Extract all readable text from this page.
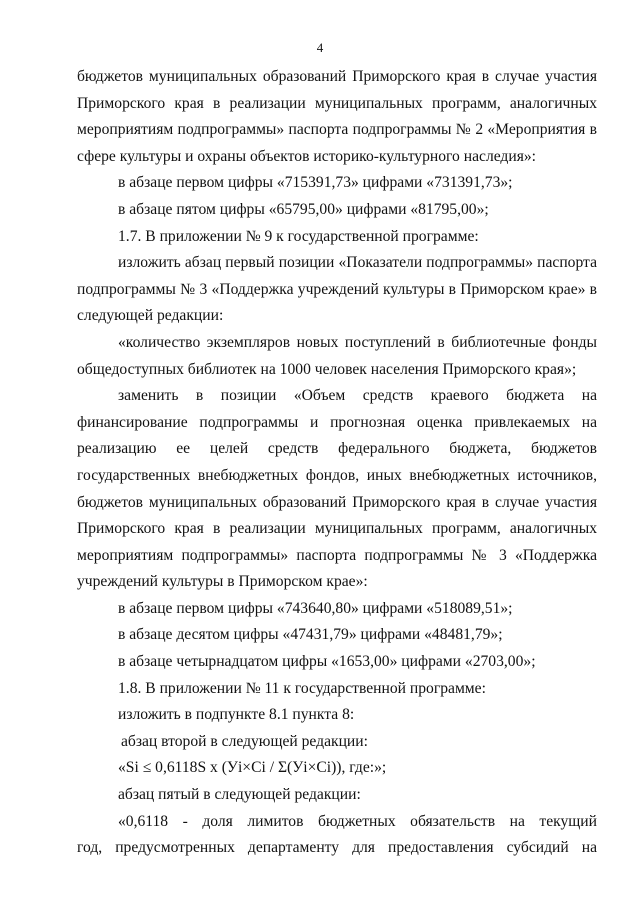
4
бюджетов муниципальных образований Приморского края в случае участия
Приморского края в реализации муниципальных программ, аналогичных
мероприятиям подпрограммы» паспорта подпрограммы № 2 «Мероприятия в
сфере культуры и охраны объектов историко-культурного наследия»:
в абзаце первом цифры «715391,73» цифрами «731391,73»;
в абзаце пятом цифры «65795,00» цифрами «81795,00»;
1.7. В приложении № 9 к государственной программе:
изложить абзац первый позиции «Показатели подпрограммы» паспорта
подпрограммы № 3 «Поддержка учреждений культуры в Приморском крае» в
следующей редакции:
«количество экземпляров новых поступлений в библиотечные фонды
общедоступных библиотек на 1000 человек населения Приморского края»;
заменить в позиции «Объем средств краевого бюджета на
финансирование подпрограммы и прогнозная оценка привлекаемых на
реализацию ее целей средств федерального бюджета, бюджетов
государственных внебюджетных фондов, иных внебюджетных источников,
бюджетов муниципальных образований Приморского края в случае участия
Приморского края в реализации муниципальных программ, аналогичных
мероприятиям подпрограммы» паспорта подпрограммы № 3 «Поддержка
учреждений культуры в Приморском крае»:
в абзаце первом цифры «743640,80» цифрами «518089,51»;
в абзаце десятом цифры «47431,79» цифрами «48481,79»;
в абзаце четырнадцатом цифры «1653,00» цифрами «2703,00»;
1.8. В приложении № 11 к государственной программе:
изложить в подпункте 8.1 пункта 8:
абзац второй в следующей редакции:
«Si ≤ 0,6118S x (Уi×Ci / Σ(Уi×Ci)), где:»;
абзац пятый в следующей редакции:
«0,6118 - доля лимитов бюджетных обязательств на текущий
год, предусмотренных департаменту для предоставления субсидий на
